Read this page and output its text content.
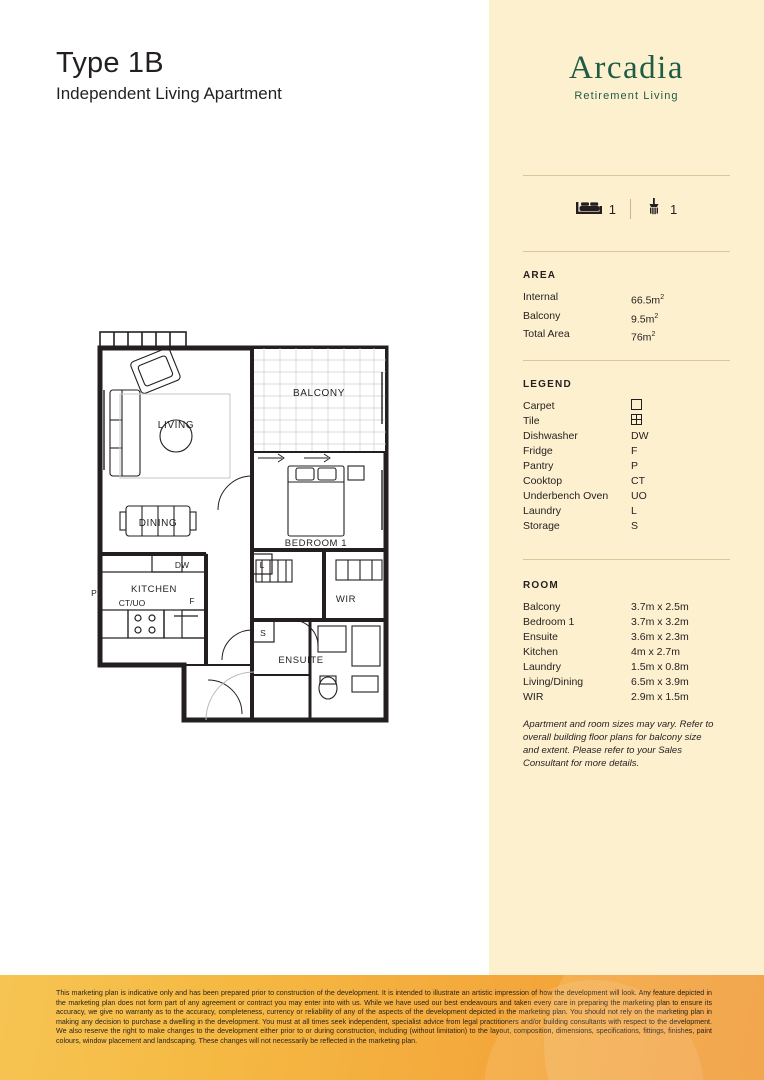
Type 1B
Independent Living Apartment
BALCONY
LIVING
DINING
BEDROOM 1
WIR
KITCHEN
ENSUITE
DW
CT/UO
P
F
L
S
Arcadia
Retirement Living
1	1
AREA
Internal	$66.5m^2$
Balcony	$9.5m^2$
Total Area	$76m^2$
LEGEND
Carpet
Tile
Dishwasher	DW
Fridge	F
Pantry	P
Cooktop	CT
Underbench Oven	UO
Laundry	L
Storage	S
ROOM
Balcony	3.7m x 2.5m
Bedroom 1	3.7m x 3.2m
Ensuite	3.6m x 2.3m
Kitchen	4m x 2.7m
Laundry	1.5m x 0.8m
Living/Dining	6.5m x 3.9m
WIR	2.9m x 1.5m
Apartment and room sizes may vary. Refer to overall building floor plans for balcony size and extent. Please refer to your Sales Consultant for more details.
This marketing plan is indicative only and has been prepared prior to construction of the development. It is intended to illustrate an artistic impression of how the development will look. Any feature depicted in the marketing plan does not form part of any agreement or contract you may enter into with us. While we have used our best endeavours and taken every care in preparing the marketing plan to ensure its accuracy, we give no warranty as to the accuracy, completeness, currency or reliability of any of the aspects of the development depicted in the marketing plan. You should not rely on the marketing plan in making any decision to purchase a dwelling in the development. You must at all times seek independent, specialist advice from legal practitioners and/or building consultants with respect to the development. We also reserve the right to make changes to the development either prior to or during construction, including (without limitation) to the layout, composition, dimensions, specifications, fittings, finishes, paint colours, window placement and landscaping. These changes will not necessarily be reflected in the marketing plan.
